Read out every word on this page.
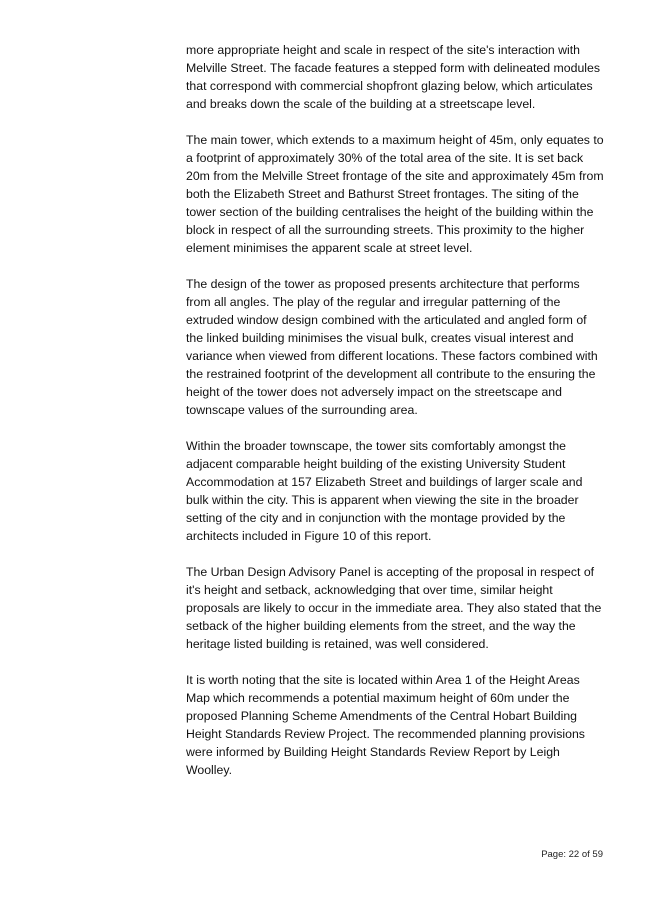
more appropriate height and scale in respect of the site's interaction with Melville Street. The facade features a stepped form with delineated modules that correspond with commercial shopfront glazing below, which articulates and breaks down the scale of the building at a streetscape level.

The main tower, which extends to a maximum height of 45m, only equates to a footprint of approximately 30% of the total area of the site. It is set back 20m from the Melville Street frontage of the site and approximately 45m from both the Elizabeth Street and Bathurst Street frontages. The siting of the tower section of the building centralises the height of the building within the block in respect of all the surrounding streets. This proximity to the higher element minimises the apparent scale at street level.

The design of the tower as proposed presents architecture that performs from all angles. The play of the regular and irregular patterning of the extruded window design combined with the articulated and angled form of the linked building minimises the visual bulk, creates visual interest and variance when viewed from different locations. These factors combined with the restrained footprint of the development all contribute to the ensuring the height of the tower does not adversely impact on the streetscape and townscape values of the surrounding area.

Within the broader townscape, the tower sits comfortably amongst the adjacent comparable height building of the existing University Student Accommodation at 157 Elizabeth Street and buildings of larger scale and bulk within the city. This is apparent when viewing the site in the broader setting of the city and in conjunction with the montage provided by the architects included in Figure 10 of this report.

The Urban Design Advisory Panel is accepting of the proposal in respect of it's height and setback, acknowledging that over time, similar height proposals are likely to occur in the immediate area. They also stated that the setback of the higher building elements from the street, and the way the heritage listed building is retained, was well considered.

It is worth noting that the site is located within Area 1 of the Height Areas Map which recommends a potential maximum height of 60m under the proposed Planning Scheme Amendments of the Central Hobart Building Height Standards Review Project. The recommended planning provisions were informed by Building Height Standards Review Report by Leigh Woolley.

Page: 22 of 59
